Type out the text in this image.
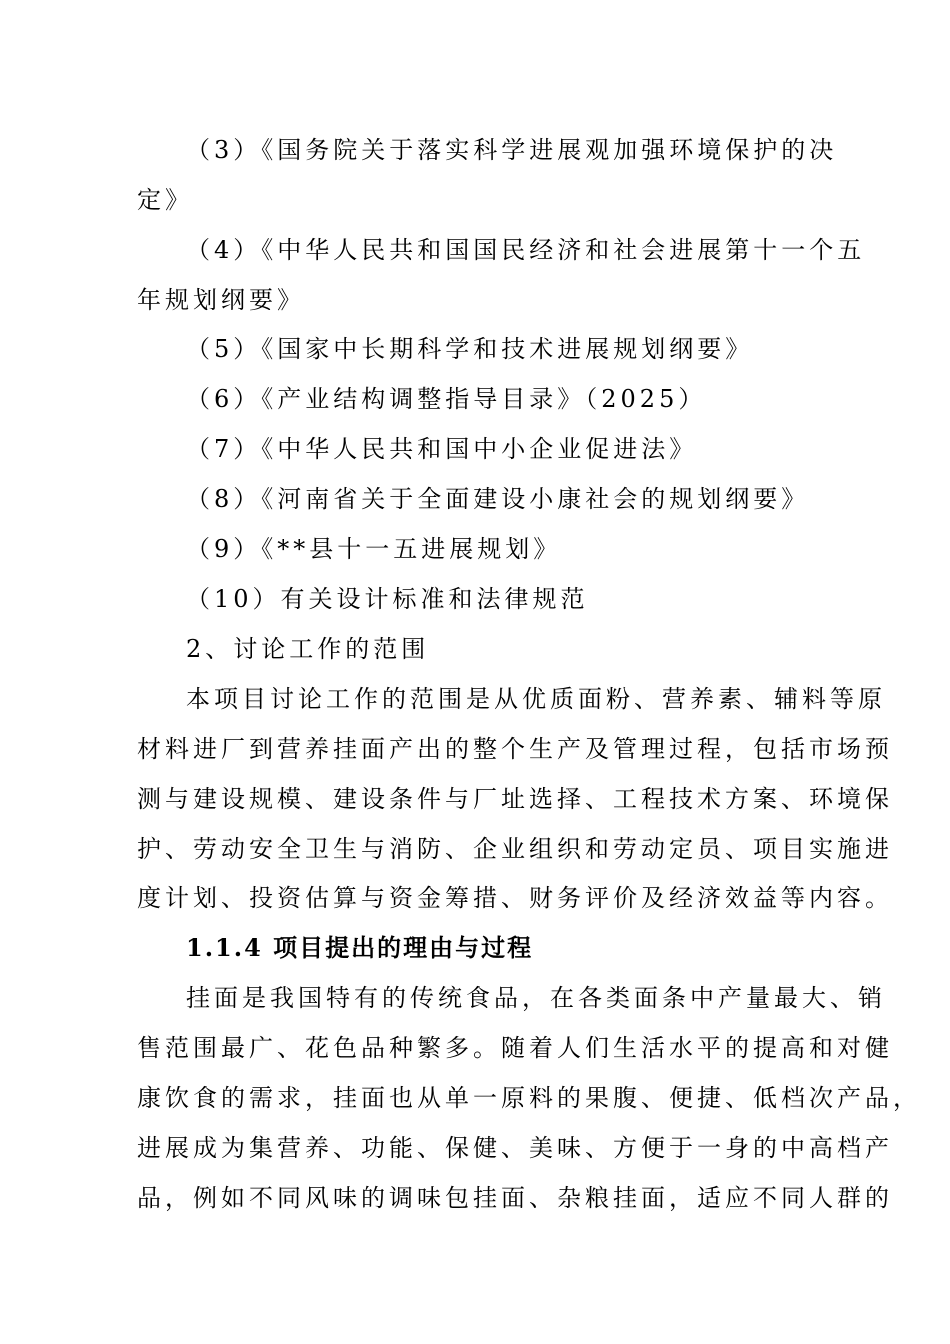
（3）《国务院关于落实科学进展观加强环境保护的决
定》
（4）《中华人民共和国国民经济和社会进展第十一个五
年规划纲要》
（5）《国家中长期科学和技术进展规划纲要》
（6）《产业结构调整指导目录》（2025）
（7）《中华人民共和国中小企业促进法》
（8）《河南省关于全面建设小康社会的规划纲要》
（9）《**县十一五进展规划》
（10）有关设计标准和法律规范
2、讨论工作的范围
本项目讨论工作的范围是从优质面粉、营养素、辅料等原
材料进厂到营养挂面产出的整个生产及管理过程，包括市场预
测与建设规模、建设条件与厂址选择、工程技术方案、环境保
护、劳动安全卫生与消防、企业组织和劳动定员、项目实施进
度计划、投资估算与资金筹措、财务评价及经济效益等内容。
1.1.4 项目提出的理由与过程
挂面是我国特有的传统食品，在各类面条中产量最大、销
售范围最广、花色品种繁多。随着人们生活水平的提高和对健
康饮食的需求，挂面也从单一原料的果腹、便捷、低档次产品，
进展成为集营养、功能、保健、美味、方便于一身的中高档产
品，例如不同风味的调味包挂面、杂粮挂面，适应不同人群的
